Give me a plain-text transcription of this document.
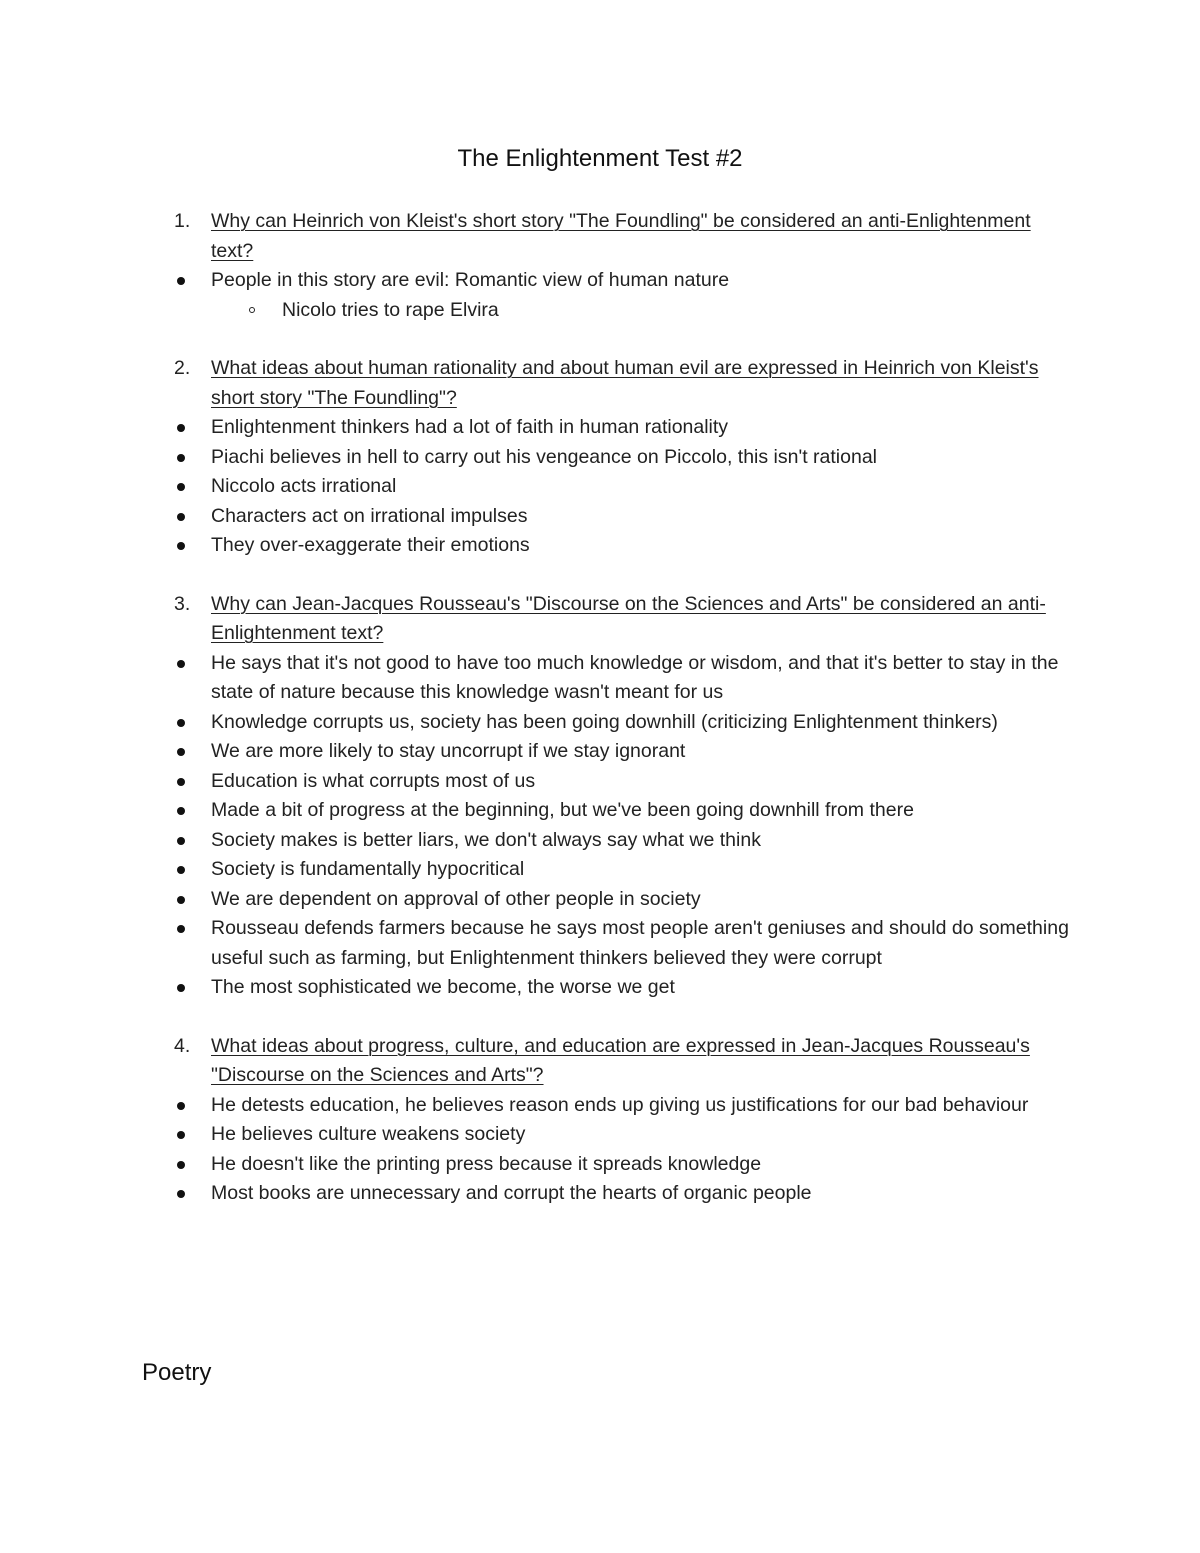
The Enlightenment Test #2
1.	Why can Heinrich von Kleist's short story "The Foundling" be considered an anti-Enlightenment text?
People in this story are evil: Romantic view of human nature
Nicolo tries to rape Elvira
2.	What ideas about human rationality and about human evil are expressed in Heinrich von Kleist's short story "The Foundling"?
Enlightenment thinkers had a lot of faith in human rationality
Piachi believes in hell to carry out his vengeance on Piccolo, this isn't rational
Niccolo acts irrational
Characters act on irrational impulses
They over-exaggerate their emotions
3.	Why can Jean-Jacques Rousseau's "Discourse on the Sciences and Arts" be considered an anti-Enlightenment text?
He says that it's not good to have too much knowledge or wisdom, and that it's better to stay in the state of nature because this knowledge wasn't meant for us
Knowledge corrupts us, society has been going downhill (criticizing Enlightenment thinkers)
We are more likely to stay uncorrupt if we stay ignorant
Education is what corrupts most of us
Made a bit of progress at the beginning, but we've been going downhill from there
Society makes is better liars, we don't always say what we think
Society is fundamentally hypocritical
We are dependent on approval of other people in society
Rousseau defends farmers because he says most people aren't geniuses and should do something useful such as farming, but Enlightenment thinkers believed they were corrupt
The most sophisticated we become, the worse we get
4.	What ideas about progress, culture, and education are expressed in Jean-Jacques Rousseau's "Discourse on the Sciences and Arts"?
He detests education, he believes reason ends up giving us justifications for our bad behaviour
He believes culture weakens society
He doesn't like the printing press because it spreads knowledge
Most books are unnecessary and corrupt the hearts of organic people
Poetry
